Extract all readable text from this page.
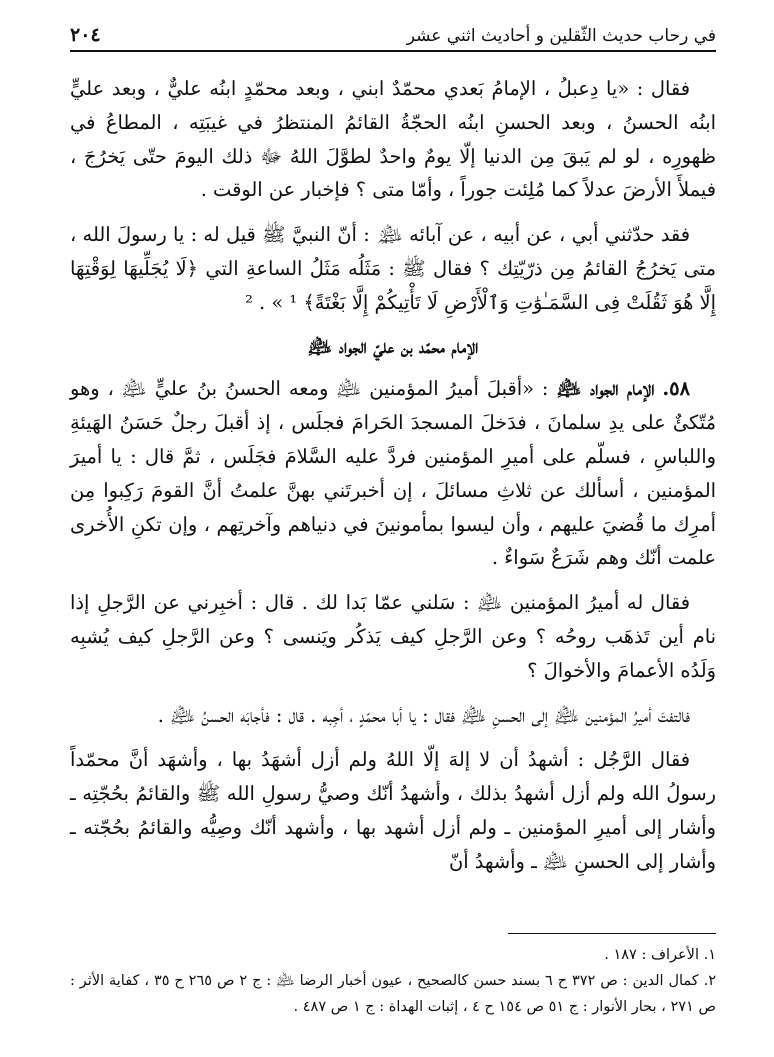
في رحاب حديث الثّقلين و أحاديث اثني عشر
٢٠٤

فقال : «يا دِعبلُ ، الإمامُ بَعدي محمّدٌ ابني ، وبعد محمّدٍ ابنُه عليٌّ ، وبعد عليٍّ ابنُه الحسنُ ، وبعد الحسنِ ابنُه الحجّةُ القائمُ المنتظرُ في غيبَتِه ، المطاعُ في ظهورِه ، لو لم يَبقَ مِن الدنيا إلّا يومٌ واحدٌ لطوَّلَ اللهُ ﷻ ذلك اليومَ حتّى يَخرُجَ ، فيملأَ الأرضَ عدلاً كما مُلِئت جوراً ، وأمّا متى ؟ فإخبار عن الوقت .

فقد حدّثني أبي ، عن أبيه ، عن آبائه ﵈ : أنّ النبيَّ ﷺ قيل له : يا رسولَ الله ، متى يَخرُجُ القائمُ مِن ذرّيّتِك ؟ فقال ﷺ : مَثَلُه مَثَلُ الساعةِ التي ﴿لَا يُجَلِّيهَا لِوَقْتِهَا إِلَّا هُوَ ثَقُلَتْ فِى السَّمَـٰوَٰتِ وَٱلْأَرْضِ لَا تَأْتِيكُمْ إِلَّا بَغْتَةً﴾ ¹ » . ²

الإمام محمّد بن عليّ الجواد ﵇

٥٨. الإمام الجواد ﵇ : «أقبلَ أميرُ المؤمنين ﵇ ومعه الحسنُ بنُ عليٍّ ﵇ ، وهو مُتّكئٌ على يدِ سلمانَ ، فدَخلَ المسجدَ الحَرامَ فجلَس ، إذ أقبلَ رجلٌ حَسَنُ الهَيئةِ واللباسِ ، فسلّم على أميرِ المؤمنين فردَّ عليه السَّلامَ فجَلَس ، ثمَّ قال : يا أميرَ المؤمنين ، أسألك عن ثلاثِ مسائلَ ، إن أخبرتَني بهنَّ علمتُ أنَّ القومَ رَكِبوا مِن أمرِك ما قُضيَ عليهم ، وأن ليسوا بمأمونينَ في دنياهم وآخرتِهم ، وإن تكنِ الأُخرى علمت أنّك وهم شَرَعٌ سَواءٌ .

فقال له أميرُ المؤمنين ﵇ : سَلني عمّا بَدا لك . قال : أخبِرني عن الرَّجلِ إذا نام أين تَذهَب روحُه ؟ وعن الرَّجلِ كيف يَذكُر ويَنسى ؟ وعن الرَّجلِ كيف يُشبِه وَلَدُه الأعمامَ والأخوالَ ؟

فالتفتَ أميرُ المؤمنين ﵇ إلى الحسنِ ﵇ فقال : يا أبا محمّدٍ ، أجِبه . قال : فأجابَه الحسنُ ﵇ .

فقال الرَّجُل : أشهدُ أن لا إلهَ إلّا اللهُ ولم أزل أشهَدُ بها ، وأشهَد أنَّ محمّداً رسولُ الله ولم أزل أشهدُ بذلك ، وأشهدُ أنّك وصيُّ رسولِ الله ﷺ والقائمُ بحُجّتِه ـ وأشار إلى أميرِ المؤمنين ـ ولم أزل أشهد بها ، وأشهد أنّك وصِيُّه والقائمُ بحُجّته ـ وأشار إلى الحسنِ ﵇ ـ وأشهدُ أنّ

١. الأعراف : ١٨٧ .
٢. كمال الدين : ص ٣٧٢ ح ٦ بسند حسن كالصحيح ، عيون أخبار الرضا ﵇ : ج ٢ ص ٢٦٥ ح ٣٥ ، كفاية الأثر : ص ٢٧١ ، بحار الأنوار : ج ٥١ ص ١٥٤ ح ٤ ، إثبات الهداة : ج ١ ص ٤٨٧ .
